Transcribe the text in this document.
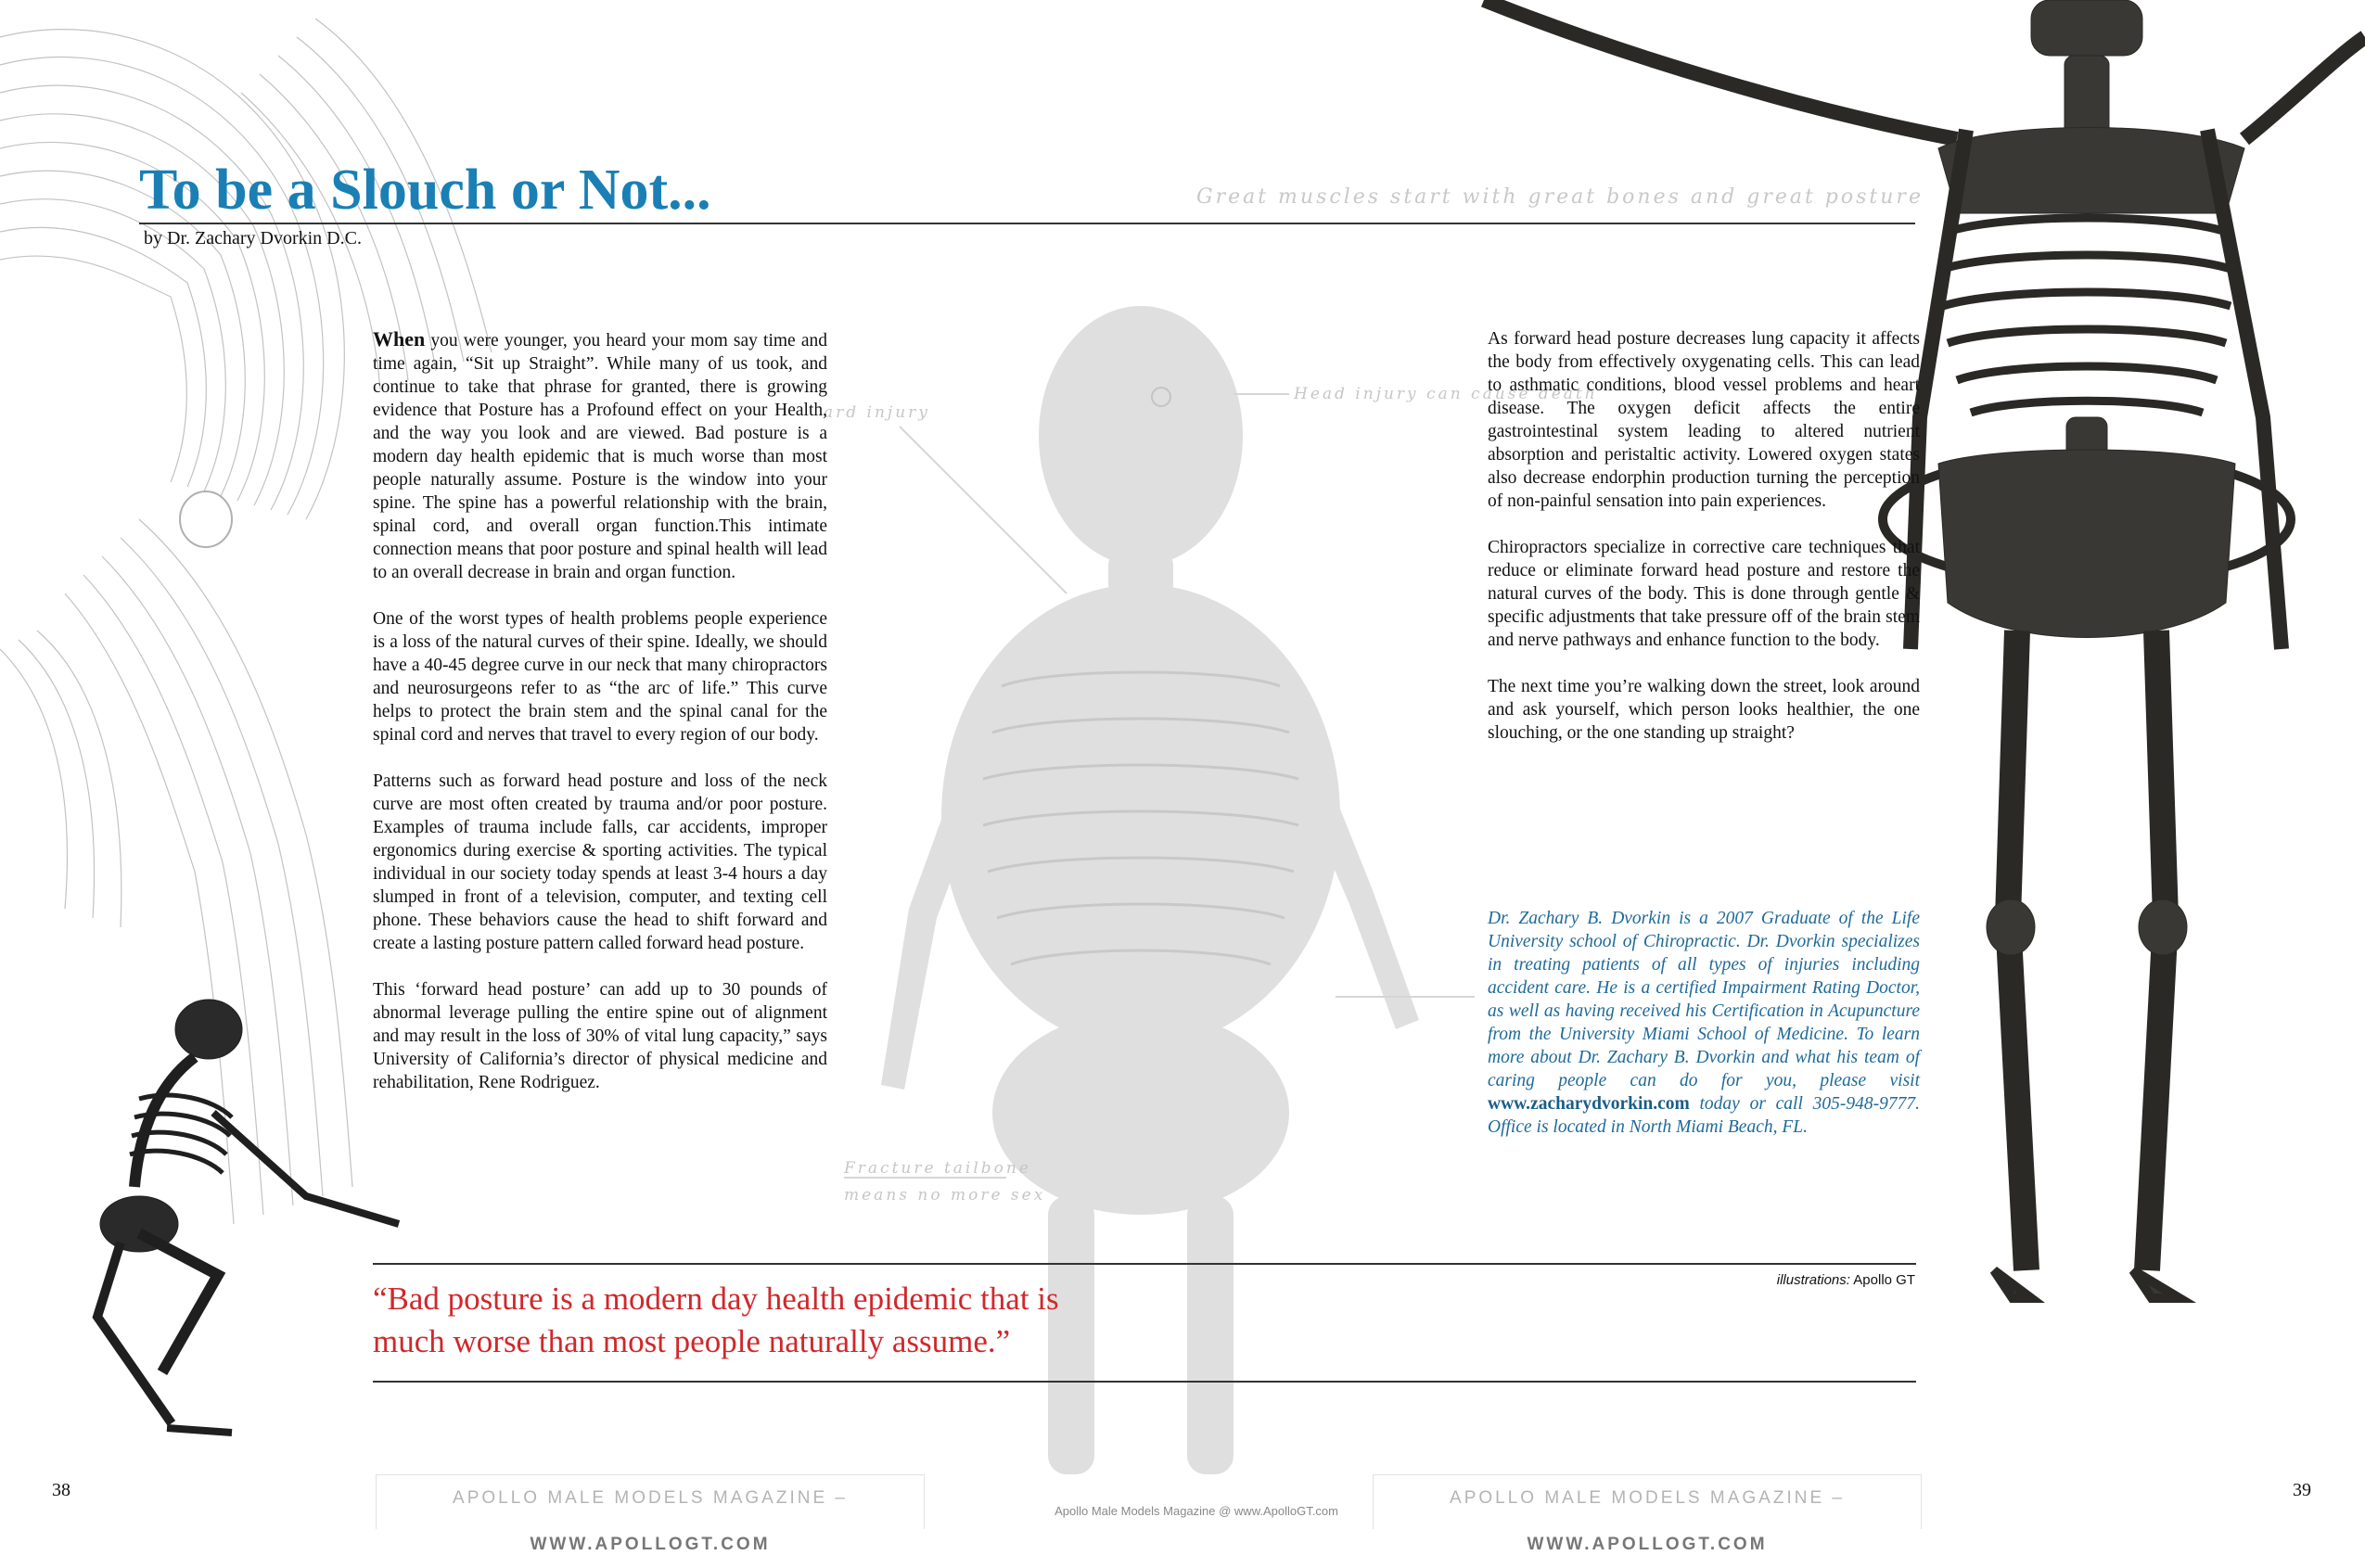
ard injury
Head injury can cause death
Fracture tailbone
means no more sex
To be a Slouch or Not...	Great muscles start with great bones and great posture
by Dr. Zachary Dvorkin D.C.

When you were younger, you heard your mom say time and time again, “Sit up Straight”. While many of us took, and continue to take that phrase for granted, there is growing evidence that Posture has a Profound effect on your Health, and the way you look and are viewed. Bad posture is a modern day health epidemic that is much worse than most people naturally assume. Posture is the window into your spine. The spine has a powerful relationship with the brain, spinal cord, and overall organ function.This intimate connection means that poor posture and spinal health will lead to an overall decrease in brain and organ function.

One of the worst types of health problems people experience is a loss of the natural curves of their spine. Ideally, we should have a 40-45 degree curve in our neck that many chiropractors and neurosurgeons refer to as “the arc of life.” This curve helps to protect the brain stem and the spinal canal for the spinal cord and nerves that travel to every region of our body.

Patterns such as forward head posture and loss of the neck curve are most often created by trauma and/or poor posture. Examples of trauma include falls, car accidents, improper ergonomics during exercise & sporting activities. The typical individual in our society today spends at least 3-4 hours a day slumped in front of a television, computer, and texting cell phone. These behaviors cause the head to shift forward and create a lasting posture pattern called forward head posture.

This ‘forward head posture’ can add up to 30 pounds of abnormal leverage pulling the entire spine out of alignment and may result in the loss of 30% of vital lung capacity,” says University of California’s director of physical medicine and rehabilitation, Rene Rodriguez.

As forward head posture decreases lung capacity it affects the body from effectively oxygenating cells. This can lead to asthmatic conditions, blood vessel problems and heart disease. The oxygen deficit affects the entire gastrointestinal system leading to altered nutrient absorption and peristaltic activity. Lowered oxygen states also decrease endorphin production turning the perception of non-painful sensation into pain experiences.

Chiropractors specialize in corrective care techniques that reduce or eliminate forward head posture and restore the natural curves of the body. This is done through gentle & specific adjustments that take pressure off of the brain stem and nerve pathways and enhance function to the body.

The next time you’re walking down the street, look around and ask yourself, which person looks healthier, the one slouching, or the one standing up straight?

Dr. Zachary B. Dvorkin is a 2007 Graduate of the Life University school of Chiropractic. Dr. Dvorkin specializes in treating patients of all types of injuries including accident care. He is a certified Impairment Rating Doctor, as well as having received his Certification in Acupuncture from the University Miami School of Medicine. To learn more about Dr. Zachary B. Dvorkin and what his team of caring people can do for you, please visit www.zacharydvorkin.com today or call 305-948-9777. Office is located in North Miami Beach, FL.
“Bad posture is a modern day health epidemic that is much worse than most people naturally assume.”
illustrations: Apollo GT
38	39
APOLLO MALE MODELS MAGAZINE – WWW.APOLLOGT.COM
APOLLO MALE MODELS MAGAZINE – WWW.APOLLOGT.COM
Apollo Male Models Magazine @ www.ApolloGT.com
